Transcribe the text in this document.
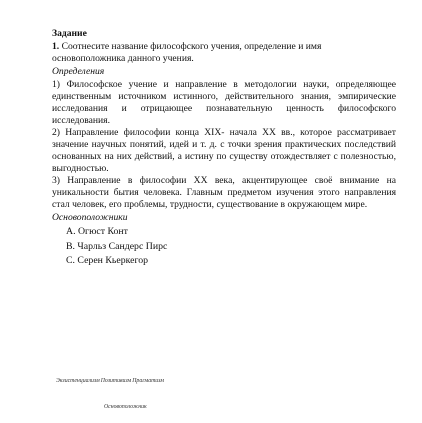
Задание

1. Соотнесите название философского учения, определение и имя основоположника данного учения.

Определения

1) Философское учение и направление в методологии науки, определяющее единственным источником истинного, действительного знания, эмпирические исследования и отрицающее познавательную ценность философского исследования.

2) Направление философии конца XIX- начала XX вв., которое рассматривает значение научных понятий, идей и т. д. с точки зрения практических последствий основанных на них действий, а истину по существу отождествляет с полезностью, выгодностью.

3) Направление в философии XX века, акцентирующее своё внимание на уникальности бытия человека. Главным предметом изучения этого направления стал человек, его проблемы, трудности, существование в окружающем мире.

Основоположники
А. Огюст Конт
В. Чарльз Сандерс Пирс
С. Серен Кьеркегор
ЭкзистенциализмПозитивизмПрагматизм
Основоположник
